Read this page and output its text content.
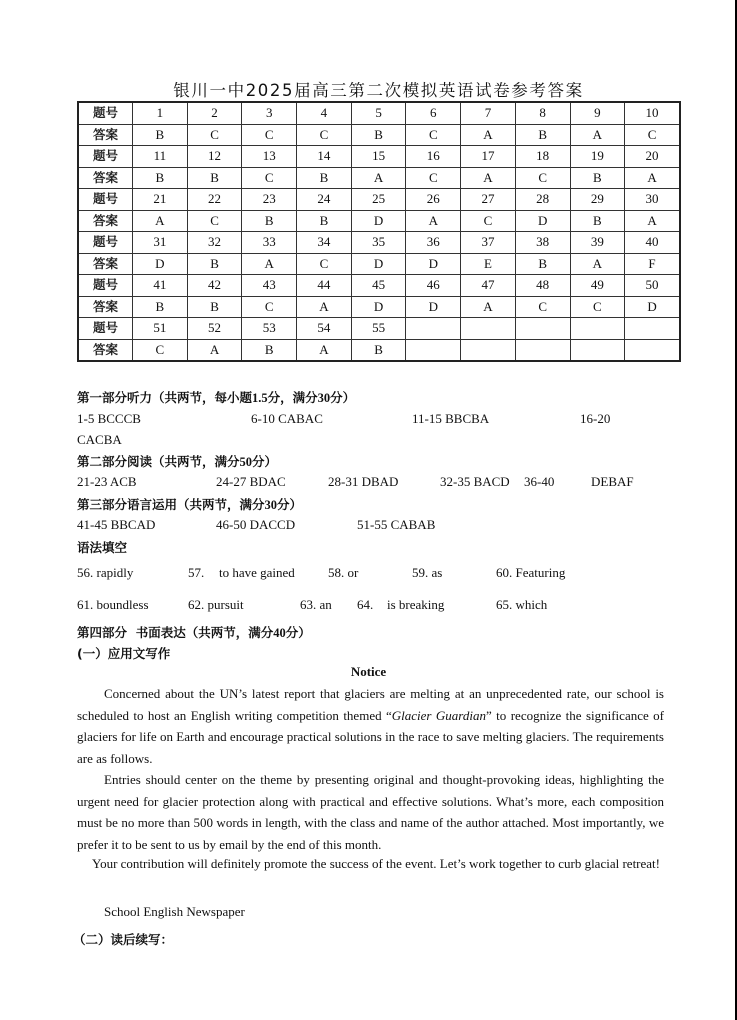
银川一中2025届高三第二次模拟英语试卷参考答案
题号	1	2	3	4	5	6	7	8	9	10
答案	B	C	C	C	B	C	A	B	A	C
题号	11	12	13	14	15	16	17	18	19	20
答案	B	B	C	B	A	C	A	C	B	A
题号	21	22	23	24	25	26	27	28	29	30
答案	A	C	B	B	D	A	C	D	B	A
题号	31	32	33	34	35	36	37	38	39	40
答案	D	B	A	C	D	D	E	B	A	F
题号	41	42	43	44	45	46	47	48	49	50
答案	B	B	C	A	D	D	A	C	C	D
题号	51	52	53	54	55					
答案	C	A	B	A	B					
第一部分听力（共两节，每小题1.5分，满分30分）
1-5 BCCCB	6-10 CABAC	11-15 BBCBA	16-20
CACBA
第二部分阅读（共两节，满分50分）
21-23 ACB	24-27 BDAC	28-31 DBAD	32-35 BACD 36-40	DEBAF
第三部分语言运用（共两节，满分30分）
41-45 BBCAD	46-50 DACCD	51-55 CABAB
语法填空
56. rapidly	57. to have gained	58. or	59. as	60. Featuring
61. boundless	62. pursuit	63. an 64. is breaking	65. which
第四部分  书面表达（共两节，满分40分）
(一）应用文写作
Notice
Concerned about the UN’s latest report that glaciers are melting at an unprecedented rate, our school is scheduled to host an English writing competition themed “Glacier Guardian” to recognize the significance of glaciers for life on Earth and encourage practical solutions in the race to save melting glaciers. The requirements are as follows.
Entries should center on the theme by presenting original and thought-provoking ideas, highlighting the urgent need for glacier protection along with practical and effective solutions. What’s more, each composition must be no more than 500 words in length, with the class and name of the author attached. Most importantly, we prefer it to be sent to us by email by the end of this month.
Your contribution will definitely promote the success of the event. Let’s work together to curb glacial retreat!
School English Newspaper
（二）读后续写：
